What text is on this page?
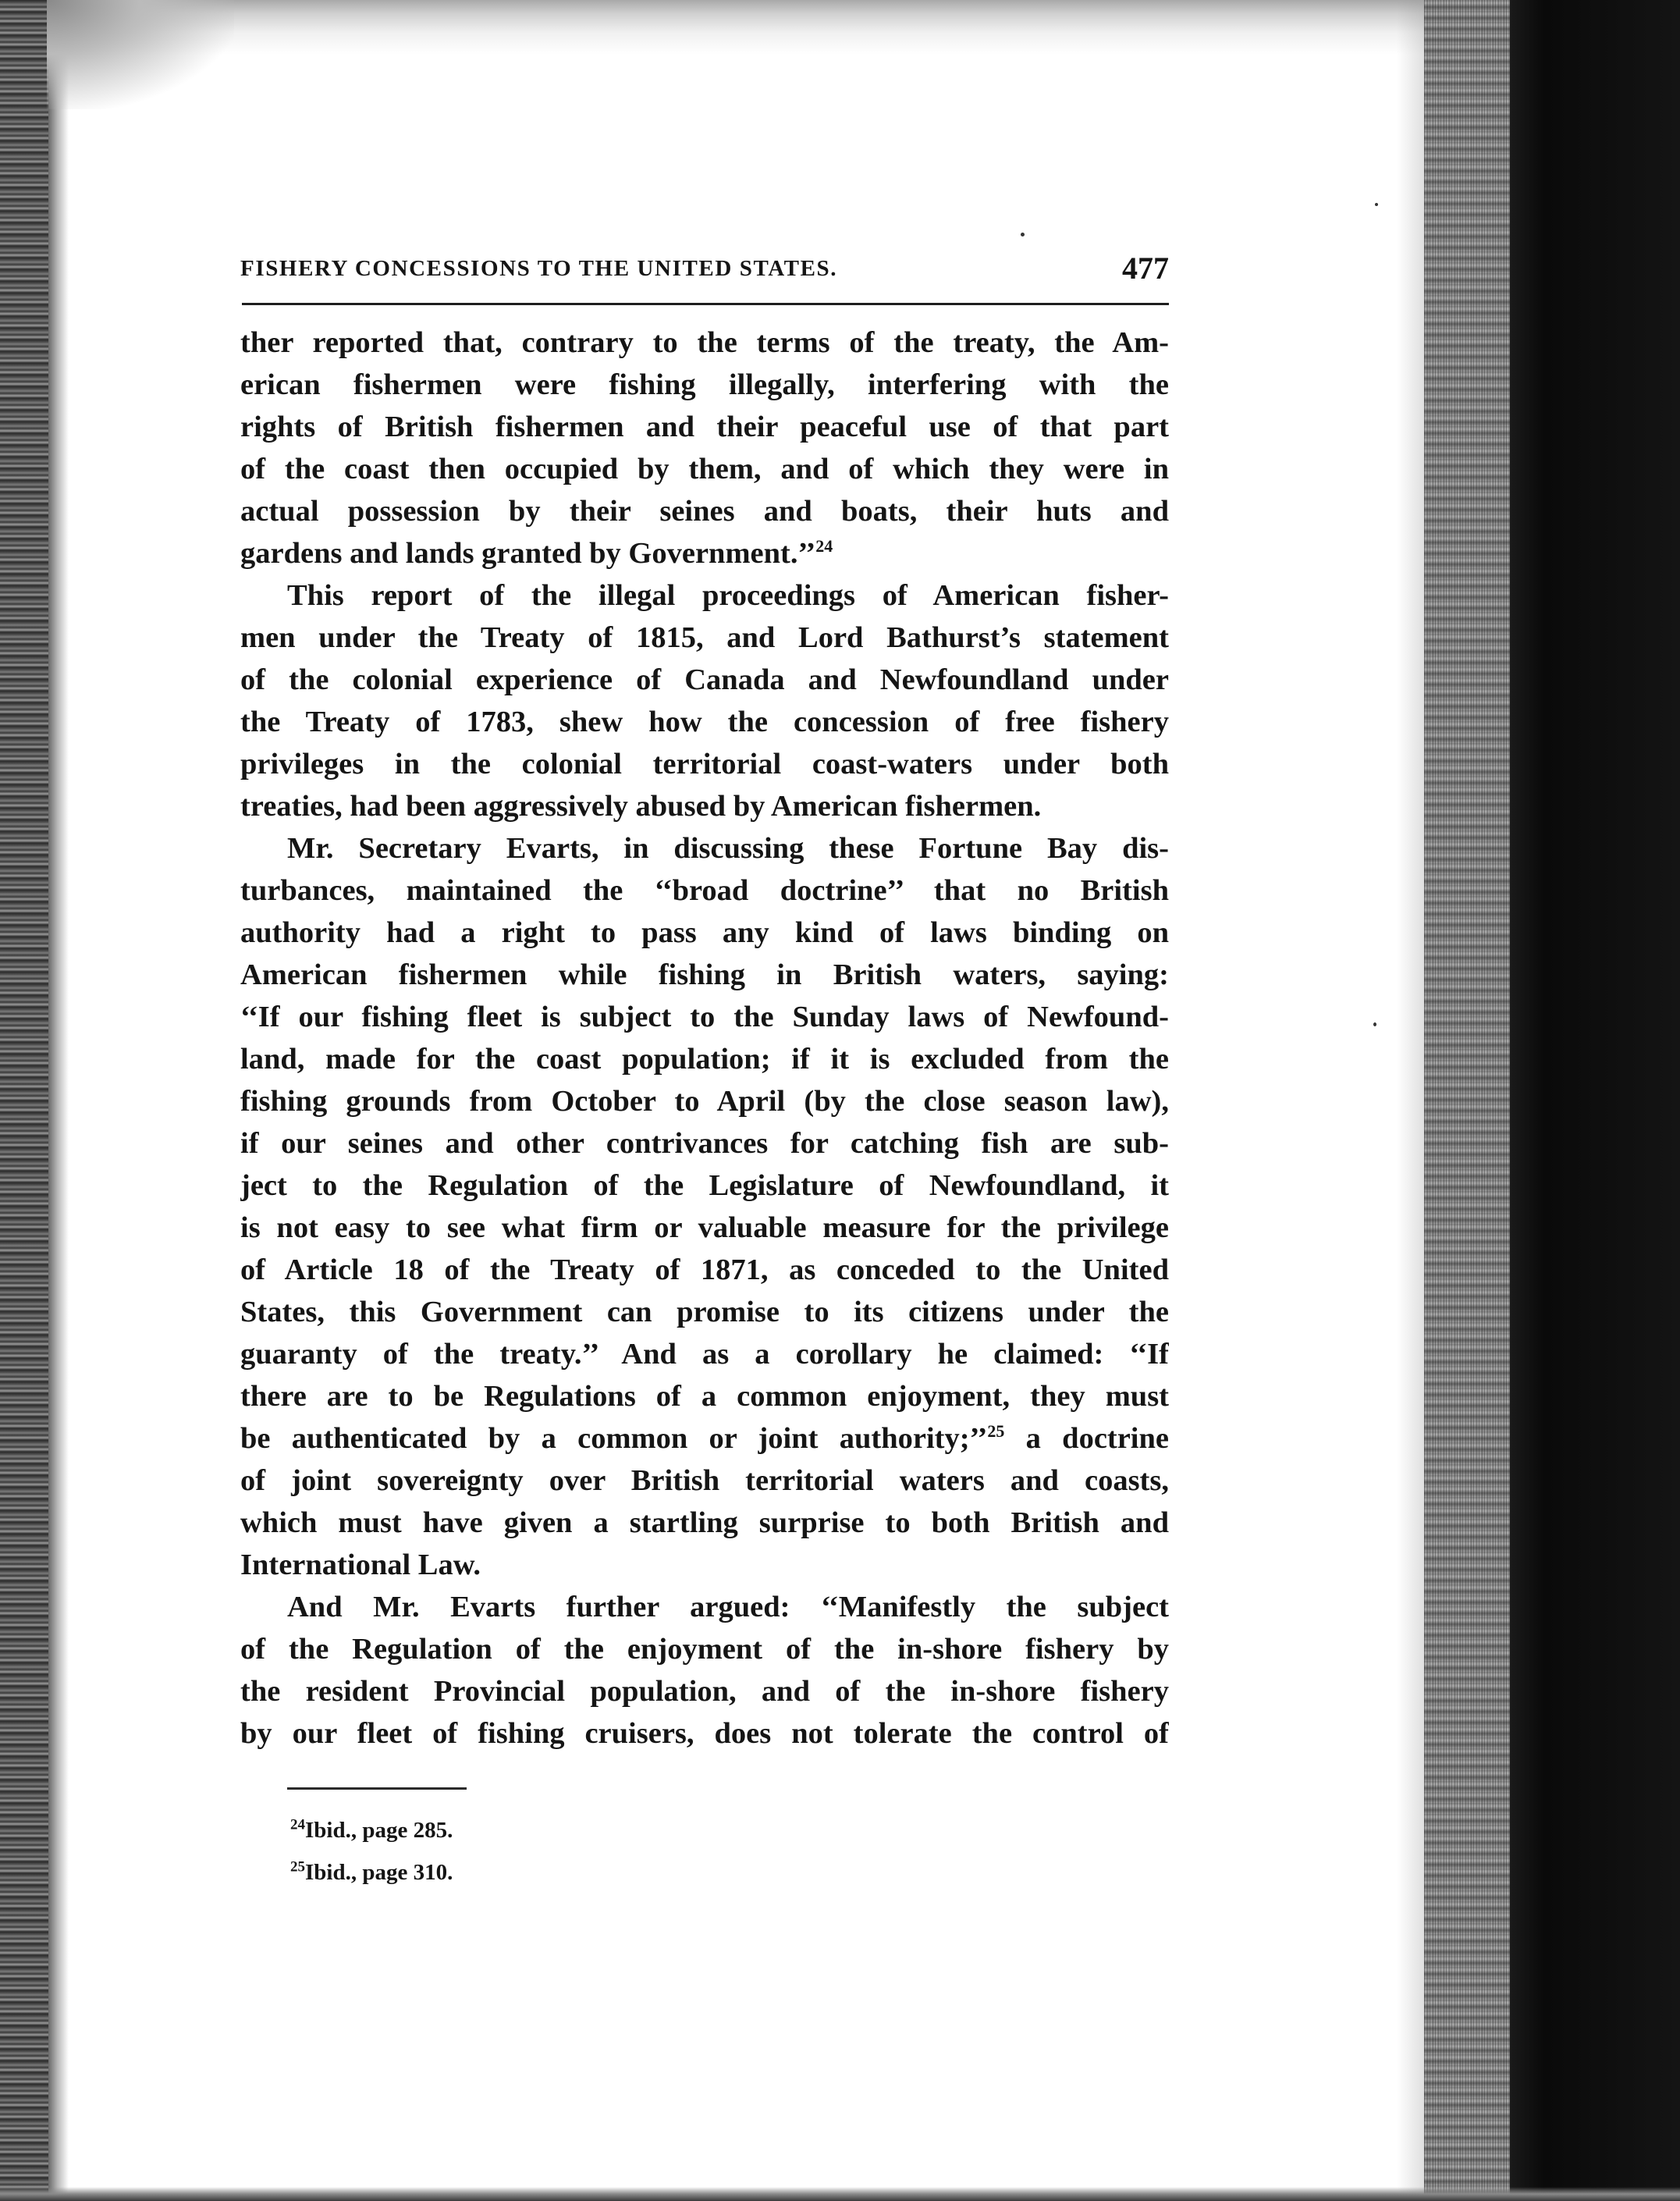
FISHERY CONCESSIONS TO THE UNITED STATES.	477
ther reported that, contrary to the terms of the treaty, the Am-
erican fishermen were fishing illegally, interfering with the
rights of British fishermen and their peaceful use of that part
of the coast then occupied by them, and of which they were in
actual possession by their seines and boats, their huts and
gardens and lands granted by Government.’’$^{24}$
This report of the illegal proceedings of American fisher-
men under the Treaty of 1815, and Lord Bathurst’s statement
of the colonial experience of Canada and Newfoundland under
the Treaty of 1783, shew how the concession of free fishery
privileges in the colonial territorial coast-waters under both
treaties, had been aggressively abused by American fishermen.
Mr. Secretary Evarts, in discussing these Fortune Bay dis-
turbances, maintained the ‘‘broad doctrine’’ that no British
authority had a right to pass any kind of laws binding on
American fishermen while fishing in British waters, saying:
‘‘If our fishing fleet is subject to the Sunday laws of Newfound-
land, made for the coast population; if it is excluded from the
fishing grounds from October to April (by the close season law),
if our seines and other contrivances for catching fish are sub-
ject to the Regulation of the Legislature of Newfoundland, it
is not easy to see what firm or valuable measure for the privilege
of Article 18 of the Treaty of 1871, as conceded to the United
States, this Government can promise to its citizens under the
guaranty of the treaty.’’ And as a corollary he claimed: ‘‘If
there are to be Regulations of a common enjoyment, they must
be authenticated by a common or joint authority;’’$^{25}$ a doctrine
of joint sovereignty over British territorial waters and coasts,
which must have given a startling surprise to both British and
International Law.
And Mr. Evarts further argued: ‘‘Manifestly the subject
of the Regulation of the enjoyment of the in-shore fishery by
the resident Provincial population, and of the in-shore fishery
by our fleet of fishing cruisers, does not tolerate the control of
$^{24}$Ibid., page 285.
$^{25}$Ibid., page 310.
